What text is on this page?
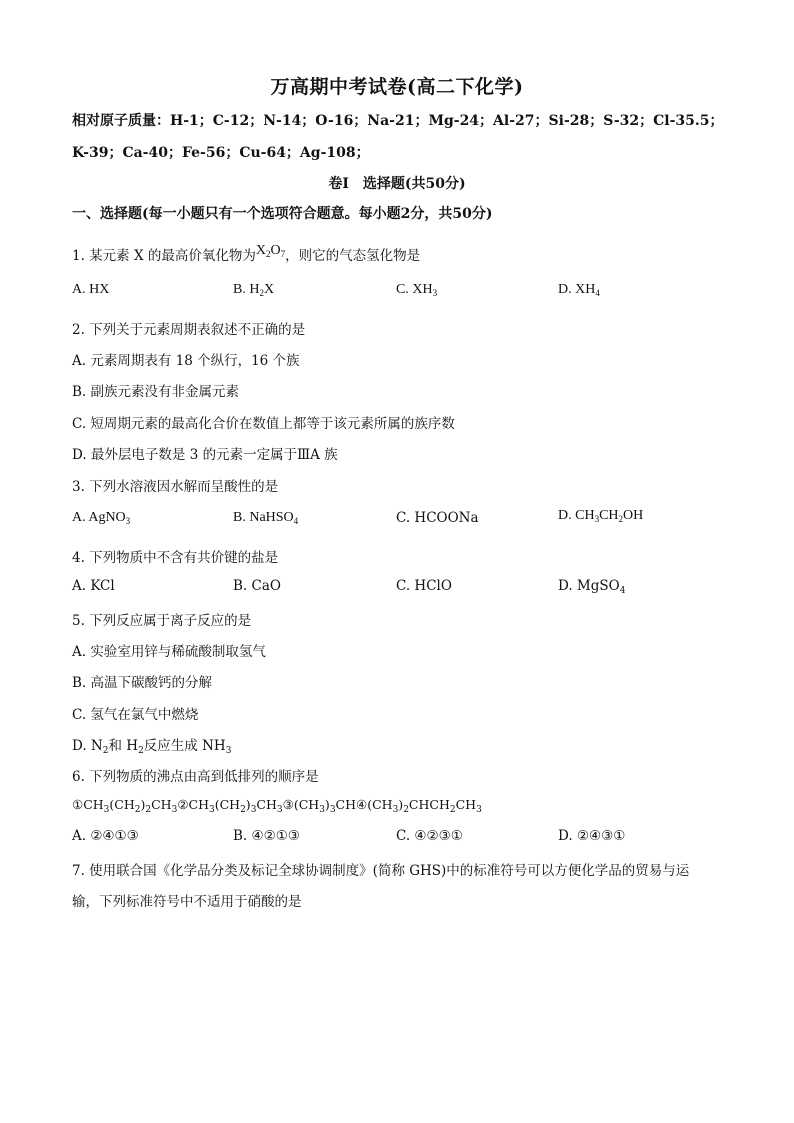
万高期中考试卷(高二下化学)
相对原子质量：H-1；C-12；N-14；O-16；Na-21；Mg-24；Al-27；Si-28；S-32；Cl-35.5；
K-39；Ca-40；Fe-56；Cu-64；Ag-108；
卷Ⅰ　选择题(共50分)
一、选择题(每一小题只有一个选项符合题意。每小题2分，共50分)
1. 某元素 X 的最高价氧化物为$X_2O_7$，则它的气态氢化物是
A. HX	B. $H_2X$	C. $XH_3$	D. $XH_4$
2. 下列关于元素周期表叙述不正确的是
A. 元素周期表有 18 个纵行，16 个族
B. 副族元素没有非金属元素
C. 短周期元素的最高化合价在数值上都等于该元素所属的族序数
D. 最外层电子数是 3 的元素一定属于ⅢA 族
3. 下列水溶液因水解而呈酸性的是
A. AgNO$_3$	B. NaHSO$_4$	C. HCOONa	D. $CH_3CH_2OH$
4. 下列物质中不含有共价键的盐是
A. KCl	B. CaO	C. HClO	D. MgSO$_4$
5. 下列反应属于离子反应的是
A. 实验室用锌与稀硫酸制取氢气
B. 高温下碳酸钙的分解
C. 氢气在氯气中燃烧
D. $N_2$和 $H_2$反应生成 $NH_3$
6. 下列物质的沸点由高到低排列的顺序是
$①CH_3(CH_2)_2CH_3②CH_3(CH_2)_3CH_3③(CH_3)_3CH④(CH_3)_2CHCH_2CH_3$
A. ②④①③	B. ④②①③	C. ④②③①	D. ②④③①
7. 使用联合国《化学品分类及标记全球协调制度》(简称 GHS)中的标准符号可以方便化学品的贸易与运
输，下列标准符号中不适用于硝酸的是
